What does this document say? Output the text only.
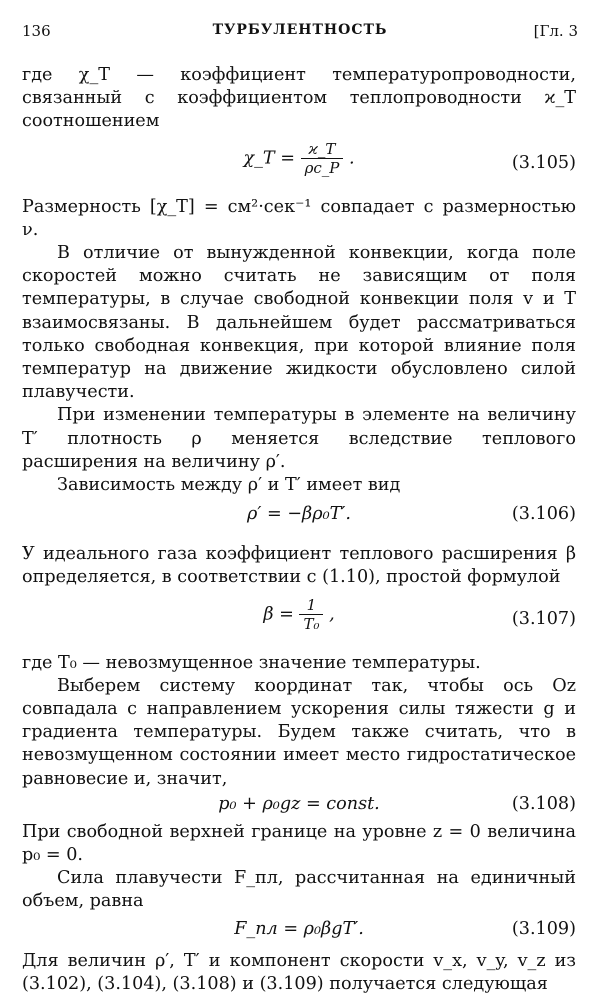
136	ТУРБУЛЕНТНОСТЬ	[Гл. 3

где χ_T — коэффициент температуропроводности, связанный с коэффициентом теплопроводности ϰ_T соотношением

χ_T = $\frac{ϰ\_T}{\rho c\_P}$ .	(3.105)

Размерность [χ_T] = см²·сек⁻¹ совпадает с размерностью ν.

В отличие от вынужденной конвекции, когда поле скоростей можно считать не зависящим от поля температуры, в случае свободной конвекции поля v и T взаимосвязаны. В дальнейшем будет рассматриваться только свободная конвекция, при которой влияние поля температур на движение жидкости обусловлено силой плавучести.

При изменении температуры в элементе на величину T′ плотность ρ меняется вследствие теплового расширения на величину ρ′.

Зависимость между ρ′ и T′ имеет вид

ρ′ = −βρ₀T′.	(3.106)

У идеального газа коэффициент теплового расширения β определяется, в соответствии с (1.10), простой формулой

$\beta = \frac{1}{\text{T₀}}$ ,	(3.107)

где T₀ — невозмущенное значение температуры.

Выберем систему координат так, чтобы ось Oz совпадала с направлением ускорения силы тяжести g и градиента температуры. Будем также считать, что в невозмущенном состоянии имеет место гидростатическое равновесие и, значит,

p₀ + ρ₀gz = const.	(3.108)

При свободной верхней границе на уровне z = 0 величина p₀ = 0.

Сила плавучести F_пл, рассчитанная на единичный объем, равна

F_пл = ρ₀βgT′.	(3.109)

Для величин ρ′, T′ и компонент скорости v_x, v_y, v_z из (3.102), (3.104), (3.108) и (3.109) получается следующая
